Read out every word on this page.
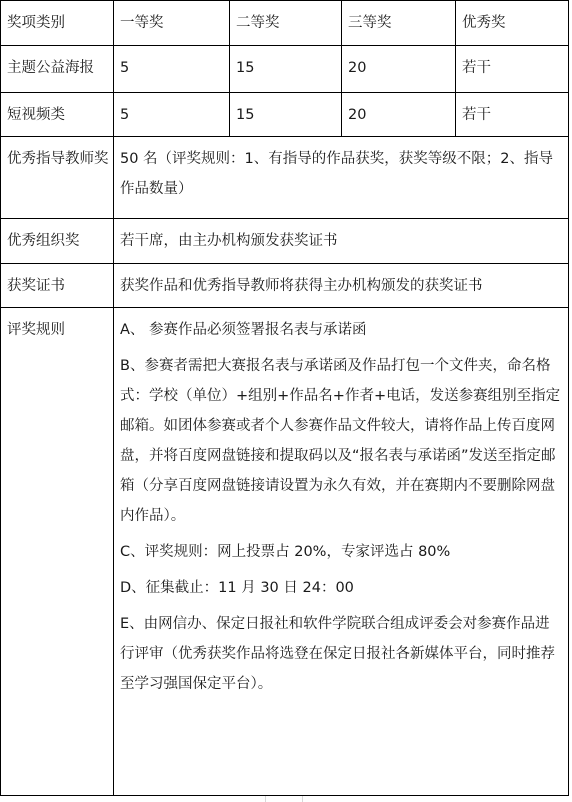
奖项类别	一等奖	二等奖	三等奖	优秀奖
主题公益海报	5	15	20	若干
短视频类	5	15	20	若干
优秀指导教师奖	50 名（评奖规则：1、有指导的作品获奖，获奖等级不限；2、指导作品数量）			
优秀组织奖	若干席，由主办机构颁发获奖证书			
获奖证书	获奖作品和优秀指导教师将获得主办机构颁发的获奖证书			
评奖规则	A、 参赛作品必须签署报名表与承诺函
B、参赛者需把大赛报名表与承诺函及作品打包一个文件夹，命名格式：学校（单位）+组别+作品名+作者+电话，发送参赛组别至指定邮箱。如团体参赛或者个人参赛作品文件较大，请将作品上传百度网盘，并将百度网盘链接和提取码以及“报名表与承诺函”发送至指定邮箱（分享百度网盘链接请设置为永久有效，并在赛期内不要删除网盘内作品）。
C、评奖规则：网上投票占 20%，专家评选占 80%
D、征集截止：11 月 30 日 24：00
E、由网信办、保定日报社和软件学院联合组成评委会对参赛作品进行评审（优秀获奖作品将选登在保定日报社各新媒体平台，同时推荐至学习强国保定平台）。			
